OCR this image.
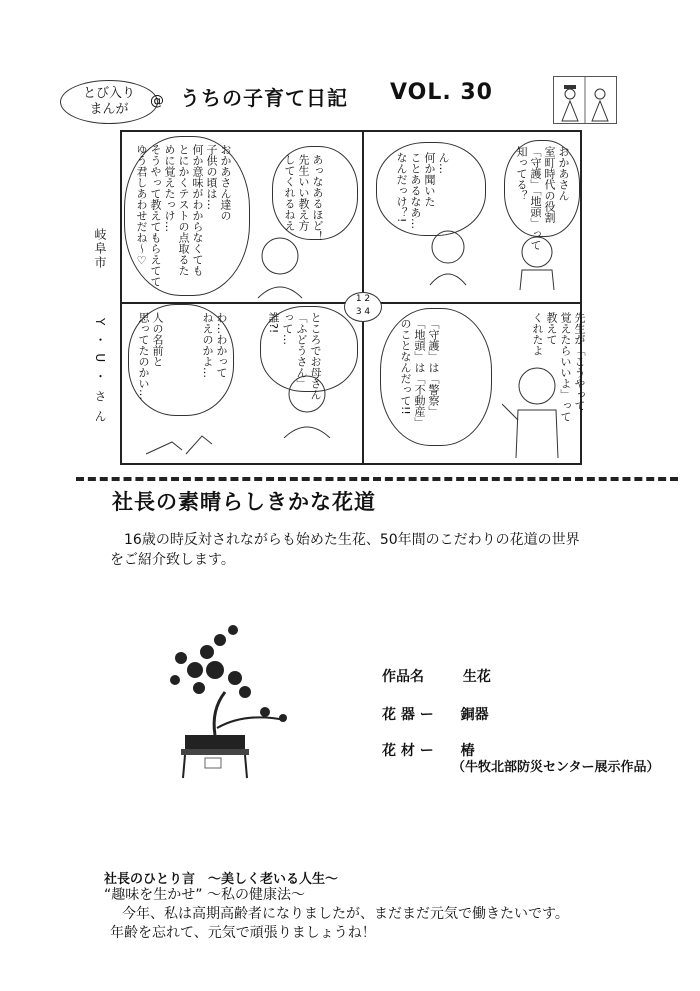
とび入り
まんが
@ うちの子育て日記 VOL. 30
岐阜市
Y・U・さん
おかあさん
室町時代の役割
「守護」「地頭」って
知ってる？
ん…
何か聞いた
ことあるなあ…
なんだっけ？!
あっなあるほど！
先生いい教え方
してくれるねえ
おかあさん達の
子供の頃は…
何か意味がわからなくても
とにかくテストの点取るた
めに覚えたっけ…
そうやって教えてもらえてて
ゆう君しあわせだね～♡
1 2
3 4	先生が「こうやって
覚えたらいいよ」って
教えて
くれたよ
「守護」は「警察」
「地頭」は「不動産」
のことなんだって!!
ところでお母さん
「ふどうさん」
って…
誰?!
わ…わかって
ねえのかよ…
人の名前と
思ってたのかい…
社長の素晴らしきかな花道
16歳の時反対されながらも始めた生花、50年間のこだわりの花道の世界をご紹介致します。
作品名	生花
花 器 ー 銅器
花 材 ー 椿
（牛牧北部防災センター展示作品）
社長のひとり言　～美しく老いる人生～
“趣味を生かせ” ～私の健康法～
今年、私は高期高齢者になりましたが、まだまだ元気で働きたいです。
年齢を忘れて、元気で頑張りましょうね！
